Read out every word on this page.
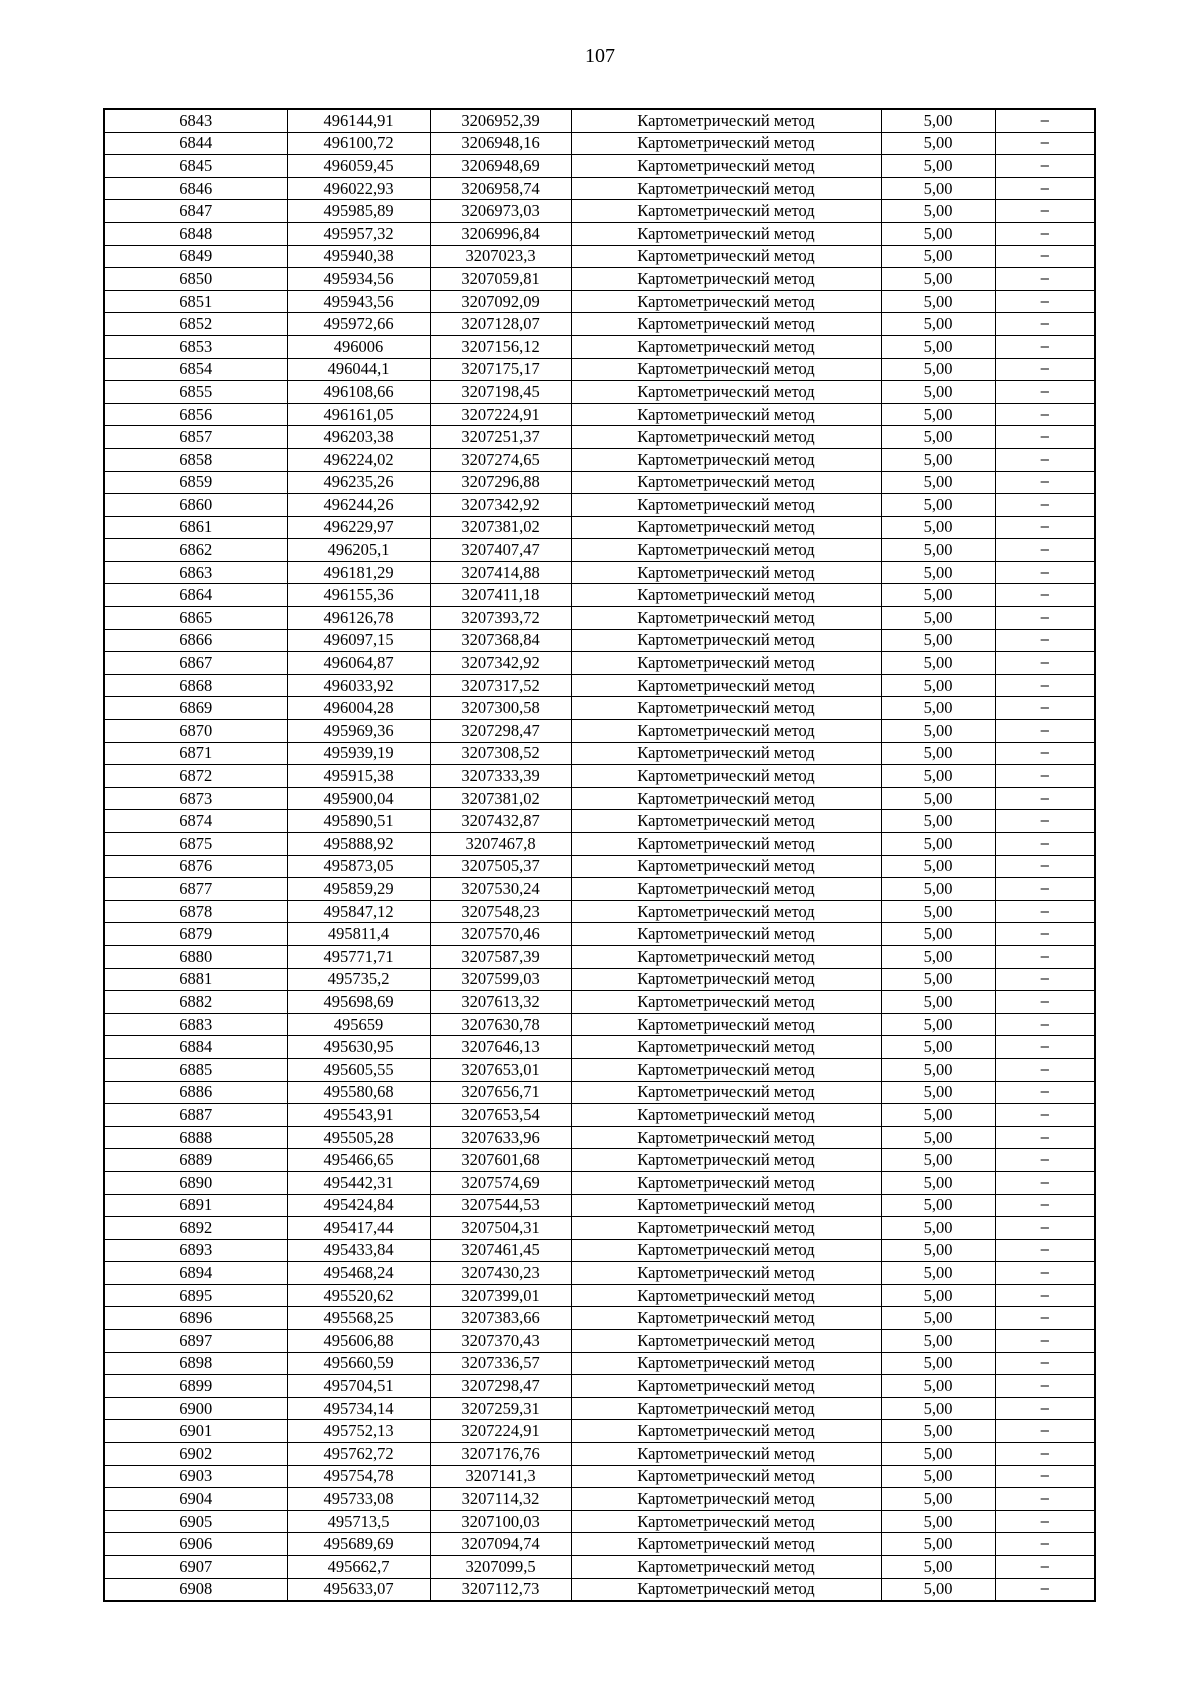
107
6843	496144,91	3206952,39	Картометрический метод	5,00	–
6844	496100,72	3206948,16	Картометрический метод	5,00	–
6845	496059,45	3206948,69	Картометрический метод	5,00	–
6846	496022,93	3206958,74	Картометрический метод	5,00	–
6847	495985,89	3206973,03	Картометрический метод	5,00	–
6848	495957,32	3206996,84	Картометрический метод	5,00	–
6849	495940,38	3207023,3	Картометрический метод	5,00	–
6850	495934,56	3207059,81	Картометрический метод	5,00	–
6851	495943,56	3207092,09	Картометрический метод	5,00	–
6852	495972,66	3207128,07	Картометрический метод	5,00	–
6853	496006	3207156,12	Картометрический метод	5,00	–
6854	496044,1	3207175,17	Картометрический метод	5,00	–
6855	496108,66	3207198,45	Картометрический метод	5,00	–
6856	496161,05	3207224,91	Картометрический метод	5,00	–
6857	496203,38	3207251,37	Картометрический метод	5,00	–
6858	496224,02	3207274,65	Картометрический метод	5,00	–
6859	496235,26	3207296,88	Картометрический метод	5,00	–
6860	496244,26	3207342,92	Картометрический метод	5,00	–
6861	496229,97	3207381,02	Картометрический метод	5,00	–
6862	496205,1	3207407,47	Картометрический метод	5,00	–
6863	496181,29	3207414,88	Картометрический метод	5,00	–
6864	496155,36	3207411,18	Картометрический метод	5,00	–
6865	496126,78	3207393,72	Картометрический метод	5,00	–
6866	496097,15	3207368,84	Картометрический метод	5,00	–
6867	496064,87	3207342,92	Картометрический метод	5,00	–
6868	496033,92	3207317,52	Картометрический метод	5,00	–
6869	496004,28	3207300,58	Картометрический метод	5,00	–
6870	495969,36	3207298,47	Картометрический метод	5,00	–
6871	495939,19	3207308,52	Картометрический метод	5,00	–
6872	495915,38	3207333,39	Картометрический метод	5,00	–
6873	495900,04	3207381,02	Картометрический метод	5,00	–
6874	495890,51	3207432,87	Картометрический метод	5,00	–
6875	495888,92	3207467,8	Картометрический метод	5,00	–
6876	495873,05	3207505,37	Картометрический метод	5,00	–
6877	495859,29	3207530,24	Картометрический метод	5,00	–
6878	495847,12	3207548,23	Картометрический метод	5,00	–
6879	495811,4	3207570,46	Картометрический метод	5,00	–
6880	495771,71	3207587,39	Картометрический метод	5,00	–
6881	495735,2	3207599,03	Картометрический метод	5,00	–
6882	495698,69	3207613,32	Картометрический метод	5,00	–
6883	495659	3207630,78	Картометрический метод	5,00	–
6884	495630,95	3207646,13	Картометрический метод	5,00	–
6885	495605,55	3207653,01	Картометрический метод	5,00	–
6886	495580,68	3207656,71	Картометрический метод	5,00	–
6887	495543,91	3207653,54	Картометрический метод	5,00	–
6888	495505,28	3207633,96	Картометрический метод	5,00	–
6889	495466,65	3207601,68	Картометрический метод	5,00	–
6890	495442,31	3207574,69	Картометрический метод	5,00	–
6891	495424,84	3207544,53	Картометрический метод	5,00	–
6892	495417,44	3207504,31	Картометрический метод	5,00	–
6893	495433,84	3207461,45	Картометрический метод	5,00	–
6894	495468,24	3207430,23	Картометрический метод	5,00	–
6895	495520,62	3207399,01	Картометрический метод	5,00	–
6896	495568,25	3207383,66	Картометрический метод	5,00	–
6897	495606,88	3207370,43	Картометрический метод	5,00	–
6898	495660,59	3207336,57	Картометрический метод	5,00	–
6899	495704,51	3207298,47	Картометрический метод	5,00	–
6900	495734,14	3207259,31	Картометрический метод	5,00	–
6901	495752,13	3207224,91	Картометрический метод	5,00	–
6902	495762,72	3207176,76	Картометрический метод	5,00	–
6903	495754,78	3207141,3	Картометрический метод	5,00	–
6904	495733,08	3207114,32	Картометрический метод	5,00	–
6905	495713,5	3207100,03	Картометрический метод	5,00	–
6906	495689,69	3207094,74	Картометрический метод	5,00	–
6907	495662,7	3207099,5	Картометрический метод	5,00	–
6908	495633,07	3207112,73	Картометрический метод	5,00	–
